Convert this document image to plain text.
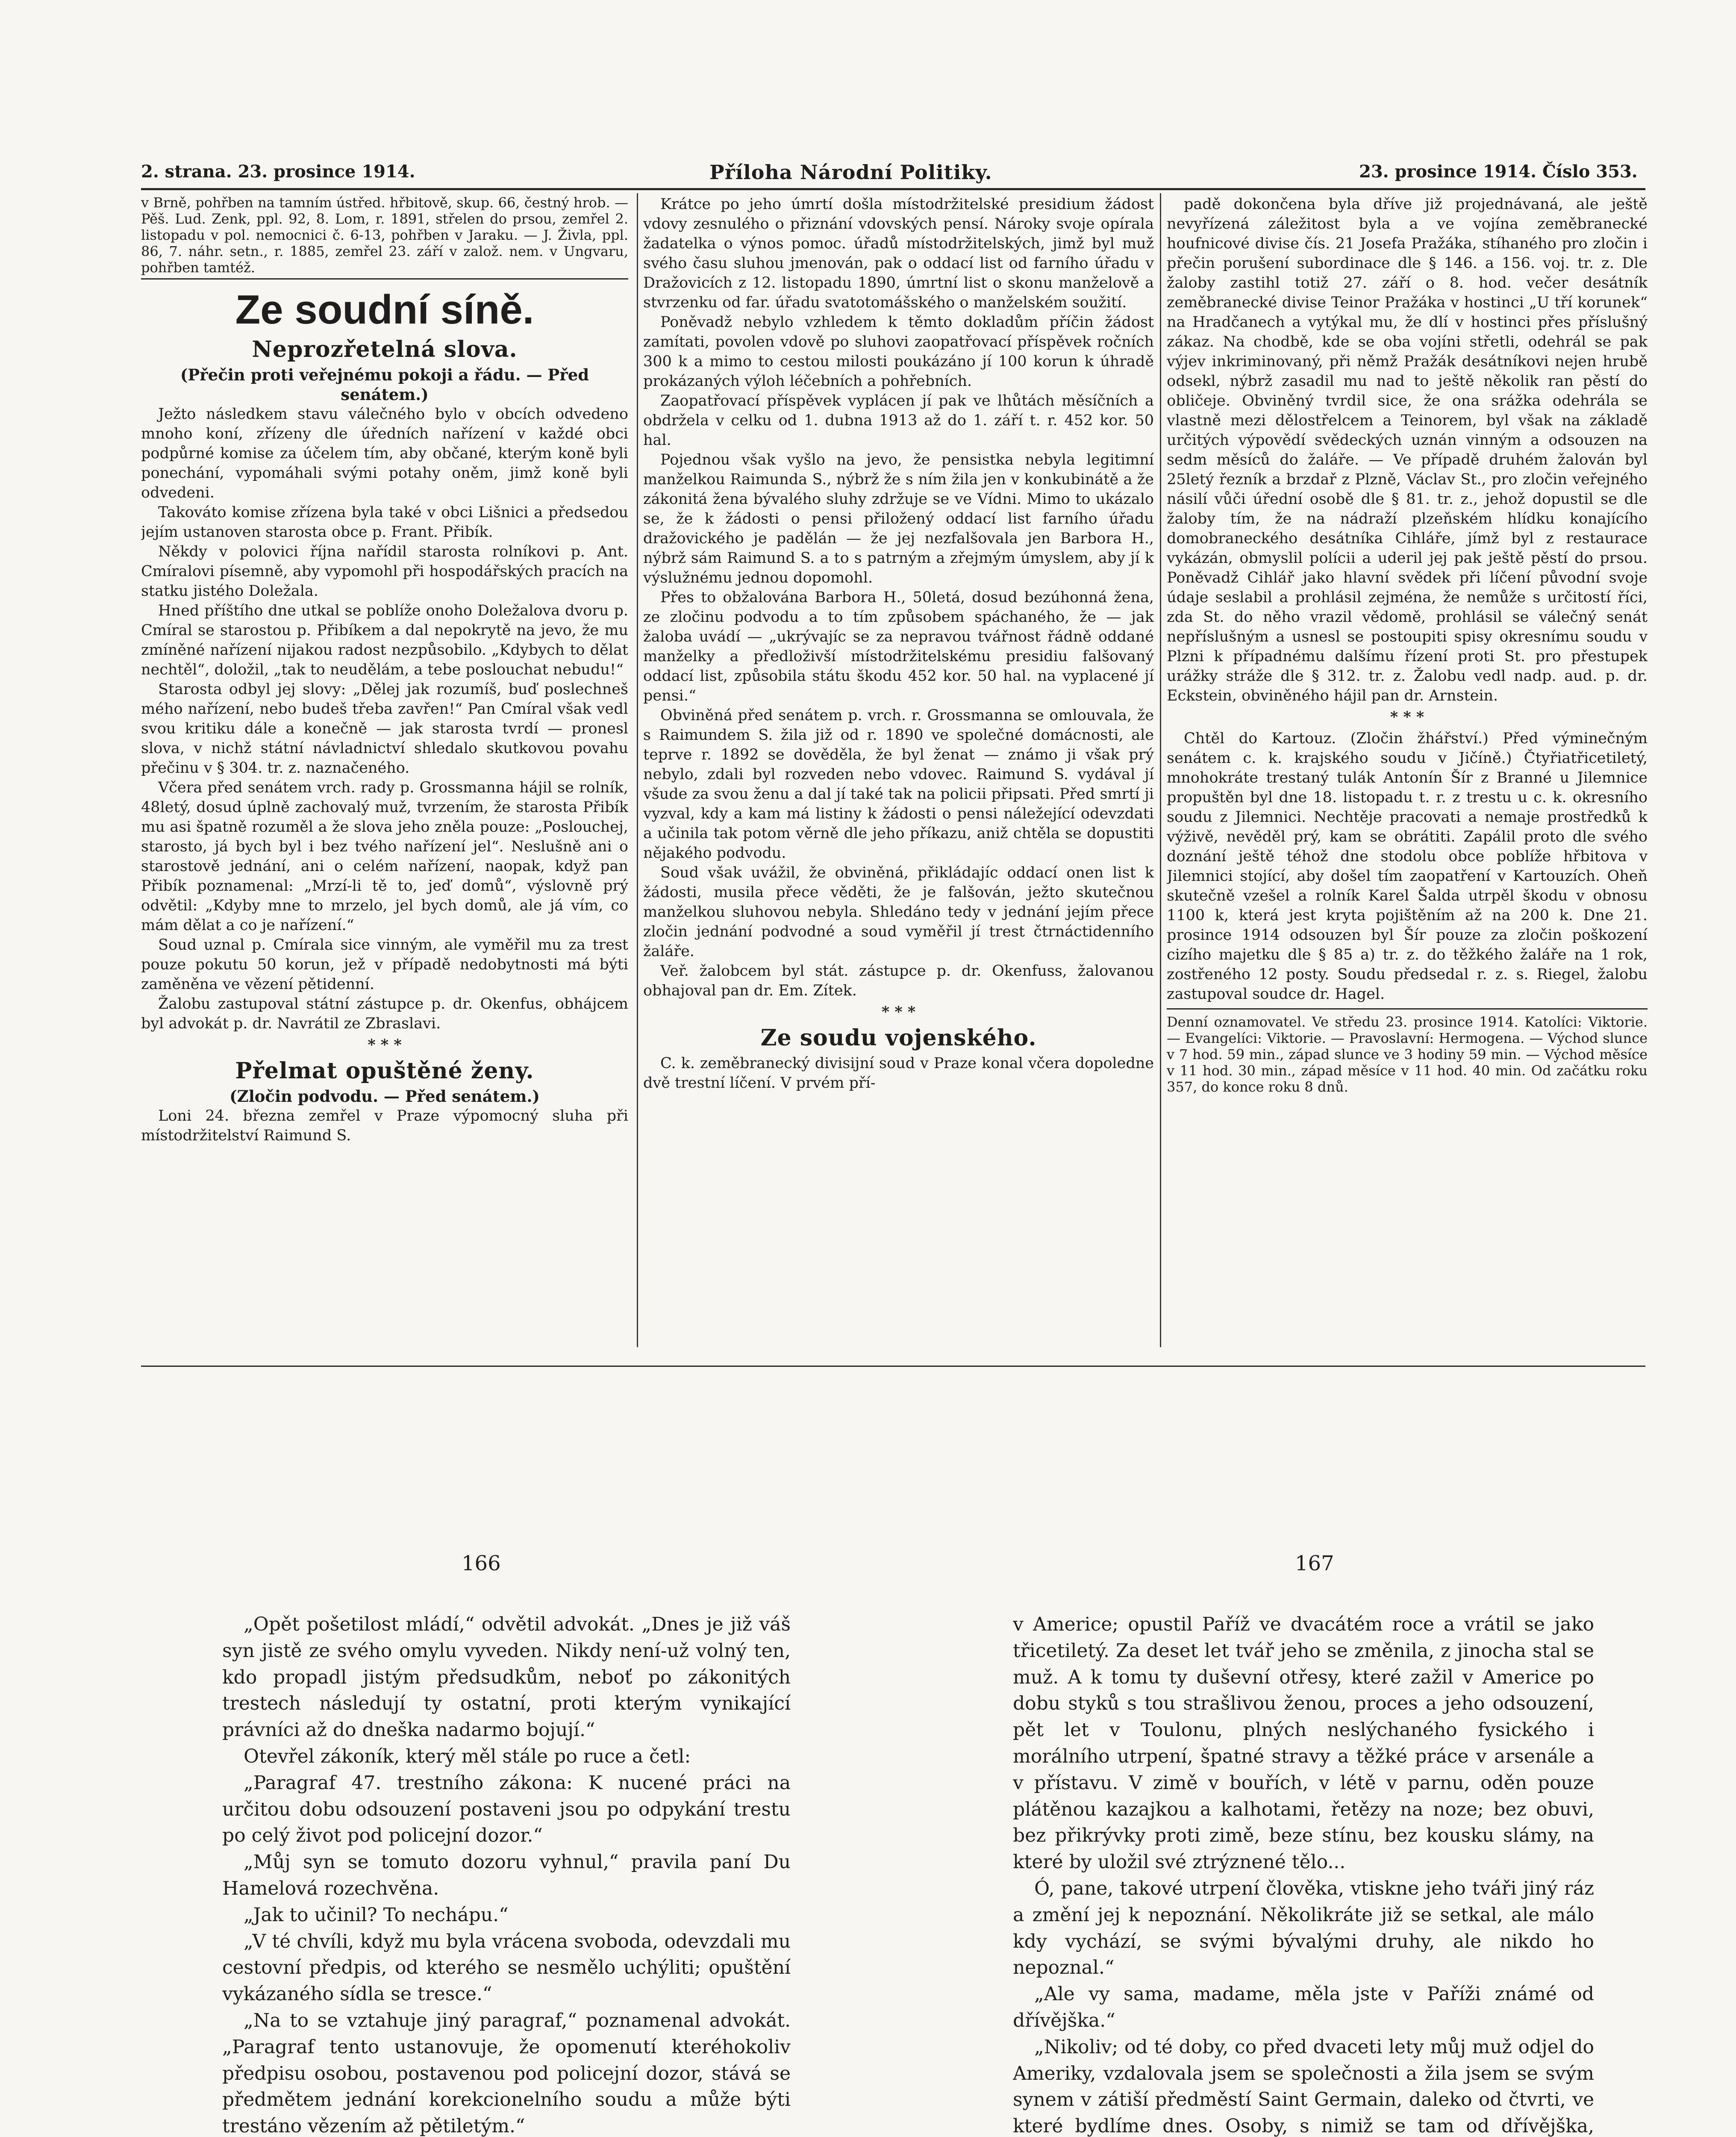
2. strana. 23. prosince 1914.	Příloha Národní Politiky.	23. prosince 1914. Číslo 353.

v Brně, pohřben na tamním ústřed. hřbitově, skup. 66, čestný hrob. — Pěš. Lud. Zenk, ppl. 92, 8. Lom, r. 1891, střelen do prsou, zemřel 2. listopadu v pol. nemocnici č. 6-13, pohřben v Jaraku. — J. Živla, ppl. 86, 7. náhr. setn., r. 1885, zemřel 23. září v založ. nem. v Ungvaru, pohřben tamtéž.

Ze soudní síně.
Neprozřetelná slova.

(Přečin proti veřejnému pokoji a řádu. — Před senátem.)

Ježto následkem stavu válečného bylo v obcích odvedeno mnoho koní, zřízeny dle úředních nařízení v každé obci podpůrné komise za účelem tím, aby občané, kterým koně byli ponechání, vypomáhali svými potahy oněm, jimž koně byli odvedeni.

Takováto komise zřízena byla také v obci Lišnici a předsedou jejím ustanoven starosta obce p. Frant. Přibík.

Někdy v polovici října nařídil starosta rolníkovi p. Ant. Cmíralovi písemně, aby vypomohl při hospodářských pracích na statku jistého Doležala.

Hned příštího dne utkal se poblíže onoho Doležalova dvoru p. Cmíral se starostou p. Přibíkem a dal nepokrytě na jevo, že mu zmíněné nařízení nijakou radost nezpůsobilo. „Kdybych to dělat nechtěl“, doložil, „tak to neudělám, a tebe poslouchat nebudu!“

Starosta odbyl jej slovy: „Dělej jak rozumíš, buď poslechneš mého nařízení, nebo budeš třeba zavřen!“ Pan Cmíral však vedl svou kritiku dále a konečně — jak starosta tvrdí — pronesl slova, v nichž státní návladnictví shledalo skutkovou povahu přečinu v § 304. tr. z. naznačeného.

Včera před senátem vrch. rady p. Grossmanna hájil se rolník, 48letý, dosud úplně zachovalý muž, tvrzením, že starosta Přibík mu asi špatně rozuměl a že slova jeho zněla pouze: „Poslouchej, starosto, já bych byl i bez tvého nařízení jel“. Neslušně ani o starostově jednání, ani o celém nařízení, naopak, když pan Přibík poznamenal: „Mrzí-li tě to, jeď domů“, výslovně prý odvětil: „Kdyby mne to mrzelo, jel bych domů, ale já vím, co mám dělat a co je nařízení.“

Soud uznal p. Cmírala sice vinným, ale vyměřil mu za trest pouze pokutu 50 korun, jež v případě nedobytnosti má býti zaměněna ve vězení pětidenní.

Žalobu zastupoval státní zástupce p. dr. Okenfus, obhájcem byl advokát p. dr. Navrátil ze Zbraslavi.

* * *
Přelmat opuštěné ženy.

(Zločin podvodu. — Před senátem.)

Loni 24. března zemřel v Praze výpomocný sluha při místodržitelství Raimund S.

Krátce po jeho úmrtí došla místodržitelské presidium žádost vdovy zesnulého o přiznání vdovských pensí. Nároky svoje opírala žadatelka o výnos pomoc. úřadů místodržitelských, jimž byl muž svého času sluhou jmenován, pak o oddací list od farního úřadu v Dražovicích z 12. listopadu 1890, úmrtní list o skonu manželově a stvrzenku od far. úřadu svatotomášského o manželském soužití.

Poněvadž nebylo vzhledem k těmto dokladům příčin žádost zamítati, povolen vdově po sluhovi zaopatřovací příspěvek ročních 300 k a mimo to cestou milosti poukázáno jí 100 korun k úhradě prokázaných výloh léčebních a pohřebních.

Zaopatřovací příspěvek vyplácen jí pak ve lhůtách měsíčních a obdržela v celku od 1. dubna 1913 až do 1. září t. r. 452 kor. 50 hal.

Pojednou však vyšlo na jevo, že pensistka nebyla legitimní manželkou Raimunda S., nýbrž že s ním žila jen v konkubinátě a že zákonitá žena bývalého sluhy zdržuje se ve Vídni. Mimo to ukázalo se, že k žádosti o pensi přiložený oddací list farního úřadu dražovického je padělán — že jej nezfalšovala jen Barbora H., nýbrž sám Raimund S. a to s patrným a zřejmým úmyslem, aby jí k výslužnému jednou dopomohl.

Přes to obžalována Barbora H., 50letá, dosud bezúhonná žena, ze zločinu podvodu a to tím způsobem spáchaného, že — jak žaloba uvádí — „ukrývajíc se za nepravou tvářnost řádně oddané manželky a předloživší místodržitelskému presidiu falšovaný oddací list, způsobila státu škodu 452 kor. 50 hal. na vyplacené jí pensi.“

Obviněná před senátem p. vrch. r. Grossmanna se omlouvala, že s Raimundem S. žila již od r. 1890 ve společné domácnosti, ale teprve r. 1892 se dověděla, že byl ženat — známo ji však prý nebylo, zdali byl rozveden nebo vdovec. Raimund S. vydával jí všude za svou ženu a dal jí také tak na policii připsati. Před smrtí ji vyzval, kdy a kam má listiny k žádosti o pensi náležející odevzdati a učinila tak potom věrně dle jeho příkazu, aniž chtěla se dopustiti nějakého podvodu.

Soud však uvážil, že obviněná, přikládajíc oddací onen list k žádosti, musila přece věděti, že je falšován, ježto skutečnou manželkou sluhovou nebyla. Shledáno tedy v jednání jejím přece zločin jednání podvodné a soud vyměřil jí trest čtrnáctidenního žaláře.

Veř. žalobcem byl stát. zástupce p. dr. Okenfuss, žalovanou obhajoval pan dr. Em. Zítek.

* * *
Ze soudu vojenského.

C. k. zeměbranecký divisijní soud v Praze konal včera dopoledne dvě trestní líčení. V prvém pří-

padě dokončena byla dříve již projednávaná, ale ještě nevyřízená záležitost byla a ve vojína zeměbranecké houfnicové divise čís. 21 Josefa Pražáka, stíhaného pro zločin i přečin porušení subordinace dle § 146. a 156. voj. tr. z. Dle žaloby zastihl totiž 27. září o 8. hod. večer desátník zeměbranecké divise Teinor Pražáka v hostinci „U tří korunek“ na Hradčanech a vytýkal mu, že dlí v hostinci přes příslušný zákaz. Na chodbě, kde se oba vojíni střetli, odehrál se pak výjev inkriminovaný, při němž Pražák desátníkovi nejen hrubě odsekl, nýbrž zasadil mu nad to ještě několik ran pěstí do obličeje. Obviněný tvrdil sice, že ona srážka odehrála se vlastně mezi dělostřelcem a Teinorem, byl však na základě určitých výpovědí svědeckých uznán vinným a odsouzen na sedm měsíců do žaláře. — Ve případě druhém žalován byl 25letý řezník a brzdař z Plzně, Václav St., pro zločin veřejného násilí vůči úřední osobě dle § 81. tr. z., jehož dopustil se dle žaloby tím, že na nádraží plzeňském hlídku konajícího domobraneckého desátníka Cihláře, jímž byl z restaurace vykázán, obmyslil polícii a uderil jej pak ještě pěstí do prsou. Poněvadž Cihlář jako hlavní svědek při líčení původní svoje údaje seslabil a prohlásil zejména, že nemůže s určitostí říci, zda St. do něho vrazil vědomě, prohlásil se válečný senát nepříslušným a usnesl se postoupiti spisy okresnímu soudu v Plzni k případnému dalšímu řízení proti St. pro přestupek urážky stráže dle § 312. tr. z. Žalobu vedl nadp. aud. p. dr. Eckstein, obviněného hájil pan dr. Arnstein.

* * *

Chtěl do Kartouz. (Zločin žhářství.) Před výminečným senátem c. k. krajského soudu v Jičíně.) Čtyřiatřicetiletý, mnohokráte trestaný tulák Antonín Šír z Branné u Jilemnice propuštěn byl dne 18. listopadu t. r. z trestu u c. k. okresního soudu z Jilemnici. Nechtěje pracovati a nemaje prostředků k výživě, nevěděl prý, kam se obrátiti. Zapálil proto dle svého doznání ještě téhož dne stodolu obce poblíže hřbitova v Jilemnici stojící, aby došel tím zaopatření v Kartouzích. Oheň skutečně vzešel a rolník Karel Šalda utrpěl škodu v obnosu 1100 k, která jest kryta pojištěním až na 200 k. Dne 21. prosince 1914 odsouzen byl Šír pouze za zločin poškození cizího majetku dle § 85 a) tr. z. do těžkého žaláře na 1 rok, zostřeného 12 posty. Soudu předsedal r. z. s. Riegel, žalobu zastupoval soudce dr. Hagel.

Denní oznamovatel. Ve středu 23. prosince 1914. Katolíci: Viktorie. — Evangelíci: Viktorie. — Pravoslavní: Hermogena. — Východ slunce v 7 hod. 59 min., západ slunce ve 3 hodiny 59 min. — Východ měsíce v 11 hod. 30 min., západ měsíce v 11 hod. 40 min. Od začátku roku 357, do konce roku 8 dnů.

166	167

„Opět pošetilost mládí,“ odvětil advokát. „Dnes je již váš syn jistě ze svého omylu vyveden. Nikdy není-už volný ten, kdo propadl jistým předsudkům, neboť po zákonitých trestech následují ty ostatní, proti kterým vynikající právníci až do dneška nadarmo bojují.“

Otevřel zákoník, který měl stále po ruce a četl:

„Paragraf 47. trestního zákona: K nucené práci na určitou dobu odsouzení postaveni jsou po odpykání trestu po celý život pod policejní dozor.“

„Můj syn se tomuto dozoru vyhnul,“ pravila paní Du Hamelová rozechvěna.

„Jak to učinil? To nechápu.“

„V té chvíli, když mu byla vrácena svoboda, odevzdali mu cestovní předpis, od kterého se nesmělo uchýliti; opuštění vykázaného sídla se tresce.“

„Na to se vztahuje jiný paragraf,“ poznamenal advokát. „Paragraf tento ustanovuje, že opomenutí kteréhokoliv předpisu osobou, postavenou pod policejní dozor, stává se předmětem jednání korekcionelního soudu a může býti trestáno vězením až pětiletým.“

v Americe; opustil Paříž ve dvacátém roce a vrátil se jako třicetiletý. Za deset let tvář jeho se změnila, z jinocha stal se muž. A k tomu ty duševní otřesy, které zažil v Americe po dobu styků s tou strašlivou ženou, proces a jeho odsouzení, pět let v Toulonu, plných neslýchaného fysického i morálního utrpení, špatné stravy a těžké práce v arsenále a v přístavu. V zimě v bouřích, v létě v parnu, oděn pouze plátěnou kazajkou a kalhotami, řetězy na noze; bez obuvi, bez přikrývky proti zimě, beze stínu, bez kousku slámy, na které by uložil své ztrýznené tělo...

Ó, pane, takové utrpení člověka, vtiskne jeho tváři jiný ráz a změní jej k nepoznání. Několikráte již se setkal, ale málo kdy vychází, se svými bývalými druhy, ale nikdo ho nepoznal.“

„Ale vy sama, madame, měla jste v Paříži známé od dřívějška.“

„Nikoliv; od té doby, co před dvaceti lety můj muž odjel do Ameriky, vzdalovala jsem se společnosti a žila jsem se svým synem v zátiší předměstí Saint Germain, daleko od čtvrti, ve které bydlíme dnes. Osoby, s nimiž se tam od dřívějška,
